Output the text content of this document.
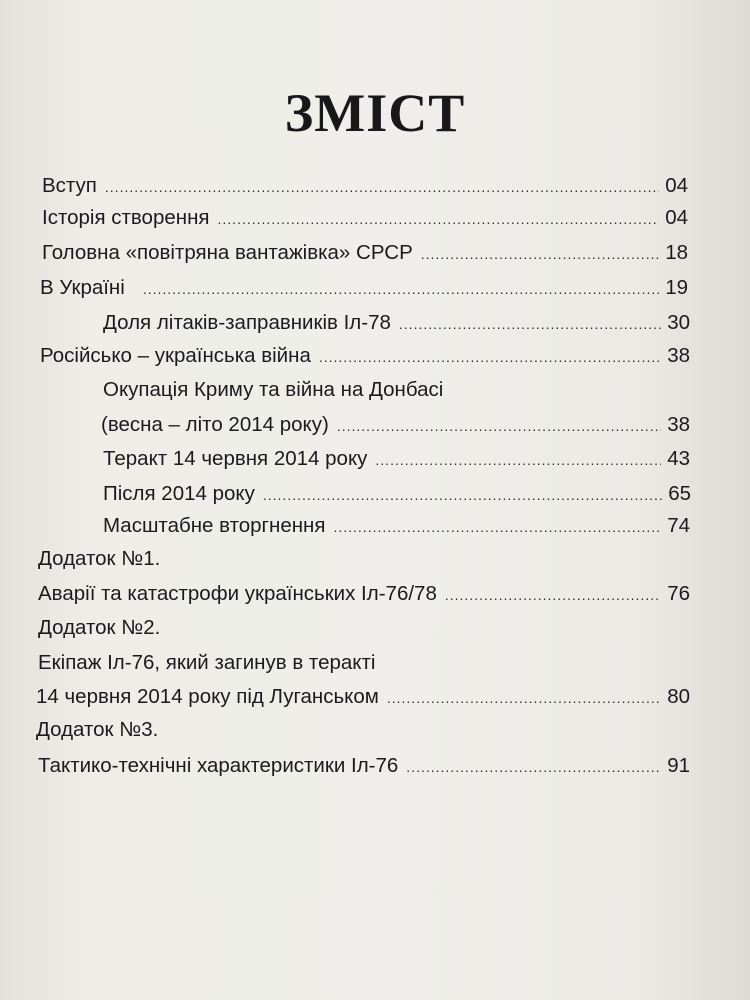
ЗМІСТ
Вступ .....	04
Історія створення .....	04
Головна «повітряна вантажівка» СРСР .....	18
В Україні .....	19
Доля літаків-заправників Іл-78 .....	30
Російсько – українська війна .....	38
Окупація Криму та війна на Донбасі
(весна – літо 2014 року) .....	38
Теракт 14 червня 2014 року .....	43
Після 2014 року .....	65
Масштабне вторгнення .....	74
Додаток №1.
Аварії та катастрофи українських Іл-76/78 .....	76
Додаток №2.
Екіпаж Іл-76, який загинув в теракті
14 червня 2014 року під Луганськом .....	80
Додаток №3.
Тактико-технічні характеристики Іл-76 .....	91
